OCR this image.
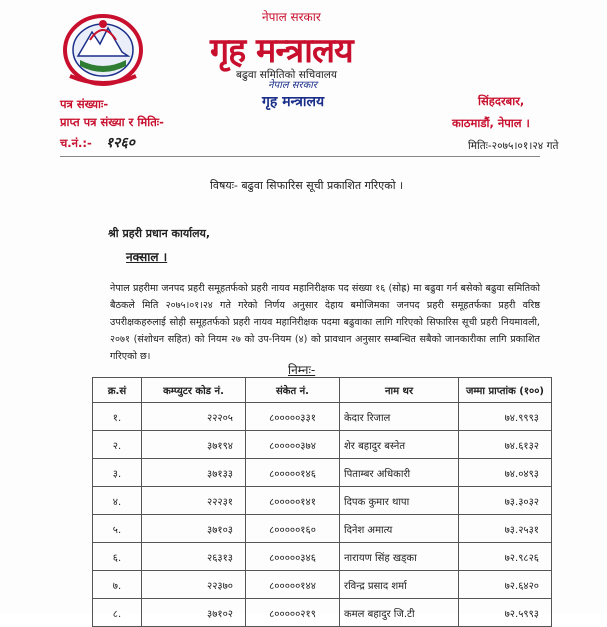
नेपाल सरकार
गृह मन्त्रालय
बढुवा समितिको सचिवालय
नेपाल सरकार
गृह मन्त्रालय
पत्र संख्याः-
प्राप्त पत्र संख्या र मितिः-
च.नं.:- १२६०
सिंहदरबार,
काठमाडौं, नेपाल ।
मितिः-२०७५।०१।२४ गते
विषयः- बढुवा सिफारिस सूची प्रकाशित गरिएको ।
श्री प्रहरी प्रधान कार्यालय,
नक्साल ।
नेपाल प्रहरीमा जनपद प्रहरी समूहतर्फको प्रहरी नायव महानिरीक्षक पद संख्या १६ (सोह्र) मा बढुवा गर्न बसेको बढुवा समितिको बैठकले मिति २०७५।०१।२४ गते गरेको निर्णय अनुसार देहाय बमोजिमका जनपद प्रहरी समूहतर्फका प्रहरी वरिष्ठ उपरीक्षकहरुलाई सोही समूहतर्फको प्रहरी नायव महानिरीक्षक पदमा बढुवाका लागि गरिएको सिफारिस सूची प्रहरी नियमावली, २०७१ (संशोधन सहित) को नियम २७ को उप-नियम (४) को प्रावधान अनुसार सम्बन्धित सबैको जानकारीका लागि प्रकाशित गरिएको छ।
निम्नः-
क्र.सं	कम्प्युटर कोड नं.	संकेत नं.	नाम थर	जम्मा प्राप्तांक (१००)
१.	२२२०५	८०००००३३१	केदार रिजाल	७४.९९९३
२.	३७१९४	८०००००३७४	शेर बहादुर बस्नेत	७४.६१३२
३.	३७१३३	८०००००१४६	पिताम्बर अधिकारी	७४.०४९३
४.	२२२३१	८०००००१४१	दिपक कुमार थापा	७३.३०३२
५.	३७१०३	८०००००१६०	दिनेश अमात्य	७३.२५३१
६.	२६३१३	८०००००३४६	नारायण सिंह खड्का	७२.९८२६
७.	२२३७०	८०००००१४४	रविन्द्र प्रसाद शर्मा	७२.६४२०
८.	३७१०२	८०००००२१९	कमल बहादुर जि.टी	७२.५९९३
